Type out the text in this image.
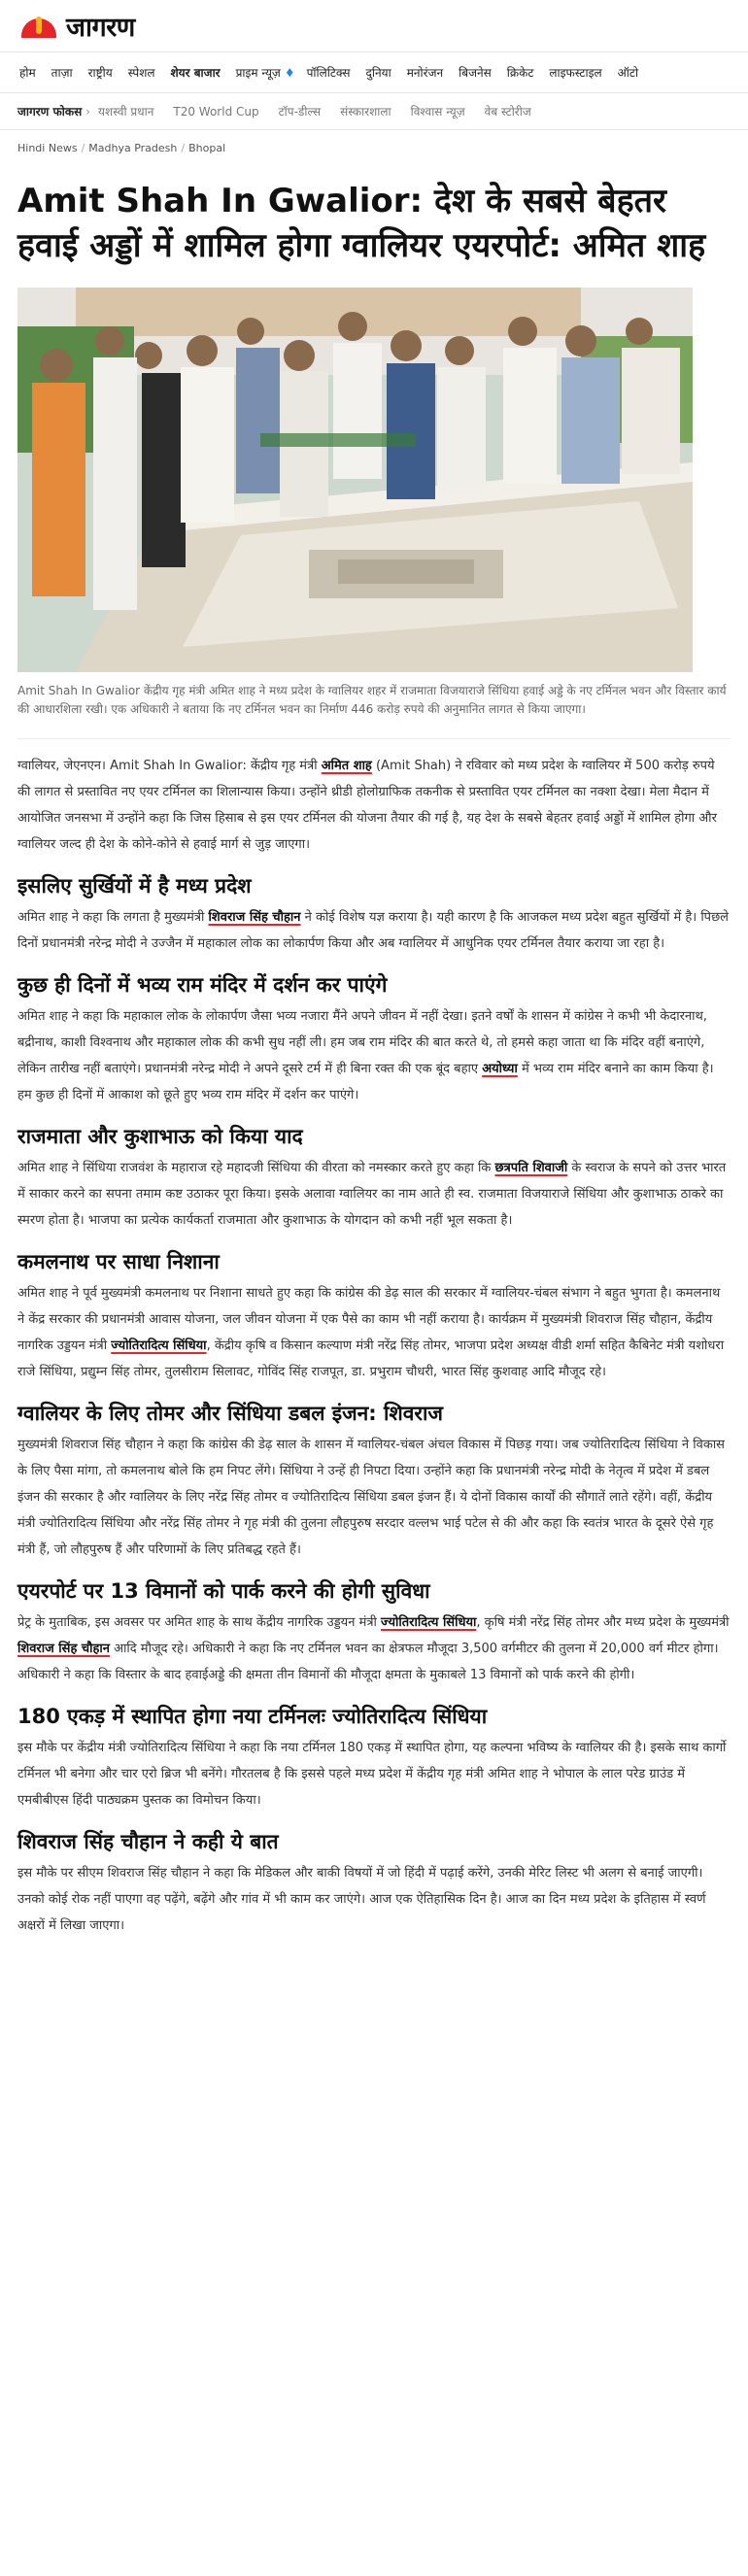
जागरण
होम	ताज़ा	राष्ट्रीय	स्पेशल	शेयर बाजार	प्राइम न्यूज़ ♦	पॉलिटिक्स	दुनिया	मनोरंजन	बिजनेस	क्रिकेट	लाइफस्टाइल	ऑटो
जागरण फोकस › यशस्वी प्रधान T20 World Cup टॉप-डील्स संस्कारशाला विश्वास न्यूज़ वेब स्टोरीज
Hindi News / Madhya Pradesh / Bhopal
Amit Shah In Gwalior: देश के सबसे बेहतर हवाई अड्डों में शामिल होगा ग्वालियर एयरपोर्ट: अमित शाह

Amit Shah In Gwalior केंद्रीय गृह मंत्री अमित शाह ने मध्य प्रदेश के ग्वालियर शहर में राजमाता विजयाराजे सिंधिया हवाई अड्डे के नए टर्मिनल भवन और विस्तार कार्य की आधारशिला रखी। एक अधिकारी ने बताया कि नए टर्मिनल भवन का निर्माण 446 करोड़ रुपये की अनुमानित लागत से किया जाएगा।

ग्वालियर, जेएनएन। Amit Shah In Gwalior: केंद्रीय गृह मंत्री अमित शाह (Amit Shah) ने रविवार को मध्य प्रदेश के ग्वालियर में 500 करोड़ रुपये की लागत से प्रस्तावित नए एयर टर्मिनल का शिलान्यास किया। उन्होंने थ्रीडी होलोग्राफिक तकनीक से प्रस्तावित एयर टर्मिनल का नक्शा देखा। मेला मैदान में आयोजित जनसभा में उन्होंने कहा कि जिस हिसाब से इस एयर टर्मिनल की योजना तैयार की गई है, यह देश के सबसे बेहतर हवाई अड्डों में शामिल होगा और ग्वालियर जल्द ही देश के कोने-कोने से हवाई मार्ग से जुड़ जाएगा।

इसलिए सुर्खियों में है मध्य प्रदेश

अमित शाह ने कहा कि लगता है मुख्यमंत्री शिवराज सिंह चौहान ने कोई विशेष यज्ञ कराया है। यही कारण है कि आजकल मध्य प्रदेश बहुत सुर्खियों में है। पिछले दिनों प्रधानमंत्री नरेन्द्र मोदी ने उज्जैन में महाकाल लोक का लोकार्पण किया और अब ग्वालियर में आधुनिक एयर टर्मिनल तैयार कराया जा रहा है।

कुछ ही दिनों में भव्य राम मंदिर में दर्शन कर पाएंगे

अमित शाह ने कहा कि महाकाल लोक के लोकार्पण जैसा भव्य नजारा मैंने अपने जीवन में नहीं देखा। इतने वर्षों के शासन में कांग्रेस ने कभी भी केदारनाथ, बद्रीनाथ, काशी विश्वनाथ और महाकाल लोक की कभी सुध नहीं ली। हम जब राम मंदिर की बात करते थे, तो हमसे कहा जाता था कि मंदिर वहीं बनाएंगे, लेकिन तारीख नहीं बताएंगे। प्रधानमंत्री नरेन्द्र मोदी ने अपने दूसरे टर्म में ही बिना रक्त की एक बूंद बहाए अयोध्या में भव्य राम मंदिर बनाने का काम किया है। हम कुछ ही दिनों में आकाश को छूते हुए भव्य राम मंदिर में दर्शन कर पाएंगे।

राजमाता और कुशाभाऊ को किया याद

अमित शाह ने सिंधिया राजवंश के महाराज रहे महादजी सिंधिया की वीरता को नमस्कार करते हुए कहा कि छत्रपति शिवाजी के स्वराज के सपने को उत्तर भारत में साकार करने का सपना तमाम कष्ट उठाकर पूरा किया। इसके अलावा ग्वालियर का नाम आते ही स्व. राजमाता विजयाराजे सिंधिया और कुशाभाऊ ठाकरे का स्मरण होता है। भाजपा का प्रत्येक कार्यकर्ता राजमाता और कुशाभाऊ के योगदान को कभी नहीं भूल सकता है।

कमलनाथ पर साधा निशाना

अमित शाह ने पूर्व मुख्यमंत्री कमलनाथ पर निशाना साधते हुए कहा कि कांग्रेस की डेढ़ साल की सरकार में ग्वालियर-चंबल संभाग ने बहुत भुगता है। कमलनाथ ने केंद्र सरकार की प्रधानमंत्री आवास योजना, जल जीवन योजना में एक पैसे का काम भी नहीं कराया है। कार्यक्रम में मुख्यमंत्री शिवराज सिंह चौहान, केंद्रीय नागरिक उड्डयन मंत्री ज्योतिरादित्य सिंधिया, केंद्रीय कृषि व किसान कल्याण मंत्री नरेंद्र सिंह तोमर, भाजपा प्रदेश अध्यक्ष वीडी शर्मा सहित कैबिनेट मंत्री यशोधरा राजे सिंधिया, प्रद्युम्न सिंह तोमर, तुलसीराम सिलावट, गोविंद सिंह राजपूत, डा. प्रभुराम चौधरी, भारत सिंह कुशवाह आदि मौजूद रहे।

ग्वालियर के लिए तोमर और सिंधिया डबल इंजन: शिवराज

मुख्यमंत्री शिवराज सिंह चौहान ने कहा कि कांग्रेस की डेढ़ साल के शासन में ग्वालियर-चंबल अंचल विकास में पिछड़ गया। जब ज्योतिरादित्य सिंधिया ने विकास के लिए पैसा मांगा, तो कमलनाथ बोले कि हम निपट लेंगे। सिंधिया ने उन्हें ही निपटा दिया। उन्होंने कहा कि प्रधानमंत्री नरेन्द्र मोदी के नेतृत्व में प्रदेश में डबल इंजन की सरकार है और ग्वालियर के लिए नरेंद्र सिंह तोमर व ज्योतिरादित्य सिंधिया डबल इंजन हैं। ये दोनों विकास कार्यों की सौगातें लाते रहेंगे। वहीं, केंद्रीय मंत्री ज्योतिरादित्य सिंधिया और नरेंद्र सिंह तोमर ने गृह मंत्री की तुलना लौहपुरुष सरदार वल्लभ भाई पटेल से की और कहा कि स्वतंत्र भारत के दूसरे ऐसे गृह मंत्री हैं, जो लौहपुरुष हैं और परिणामों के लिए प्रतिबद्ध रहते हैं।

एयरपोर्ट पर 13 विमानों को पार्क करने की होगी सुविधा

प्रेट्र के मुताबिक, इस अवसर पर अमित शाह के साथ केंद्रीय नागरिक उड्डयन मंत्री ज्योतिरादित्य सिंधिया, कृषि मंत्री नरेंद्र सिंह तोमर और मध्य प्रदेश के मुख्यमंत्री शिवराज सिंह चौहान आदि मौजूद रहे। अधिकारी ने कहा कि नए टर्मिनल भवन का क्षेत्रफल मौजूदा 3,500 वर्गमीटर की तुलना में 20,000 वर्ग मीटर होगा। अधिकारी ने कहा कि विस्तार के बाद हवाईअड्डे की क्षमता तीन विमानों की मौजूदा क्षमता के मुकाबले 13 विमानों को पार्क करने की होगी।

180 एकड़ में स्थापित होगा नया टर्मिनलः ज्योतिरादित्य सिंधिया

इस मौके पर केंद्रीय मंत्री ज्योतिरादित्य सिंधिया ने कहा कि नया टर्मिनल 180 एकड़ में स्थापित होगा, यह कल्पना भविष्य के ग्वालियर की है। इसके साथ कार्गो टर्मिनल भी बनेगा और चार एरो ब्रिज भी बनेंगे। गौरतलब है कि इससे पहले मध्य प्रदेश में केंद्रीय गृह मंत्री अमित शाह ने भोपाल के लाल परेड ग्राउंड में एमबीबीएस हिंदी पाठ्यक्रम पुस्तक का विमोचन किया।

शिवराज सिंह चौहान ने कही ये बात

इस मौके पर सीएम शिवराज सिंह चौहान ने कहा कि मेडिकल और बाकी विषयों में जो हिंदी में पढ़ाई करेंगे, उनकी मेरिट लिस्ट भी अलग से बनाई जाएगी। उनको कोई रोक नहीं पाएगा वह पढ़ेंगे, बढ़ेंगे और गांव में भी काम कर जाएंगे। आज एक ऐतिहासिक दिन है। आज का दिन मध्य प्रदेश के इतिहास में स्वर्ण अक्षरों में लिखा जाएगा।
